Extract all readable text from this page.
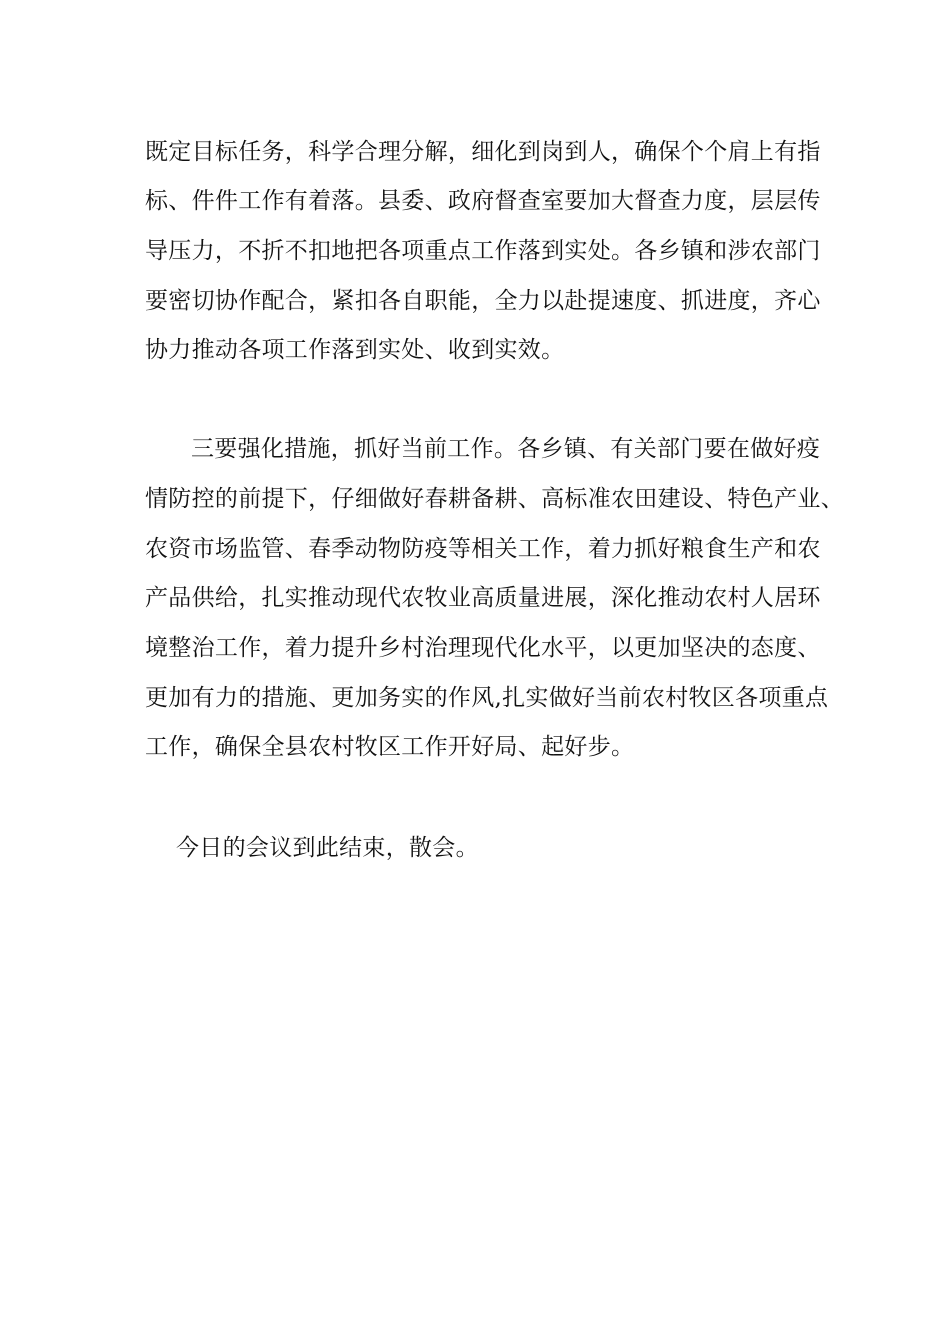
既定目标任务，科学合理分解，细化到岗到人，确保个个肩上有指
标、件件工作有着落。县委、政府督查室要加大督查力度，层层传
导压力，不折不扣地把各项重点工作落到实处。各乡镇和涉农部门
要密切协作配合，紧扣各自职能，全力以赴提速度、抓进度，齐心
协力推动各项工作落到实处、收到实效。
三要强化措施，抓好当前工作。各乡镇、有关部门要在做好疫
情防控的前提下，仔细做好春耕备耕、高标准农田建设、特色产业、
农资市场监管、春季动物防疫等相关工作，着力抓好粮食生产和农
产品供给，扎实推动现代农牧业高质量进展，深化推动农村人居环
境整治工作，着力提升乡村治理现代化水平，以更加坚决的态度、
更加有力的措施、更加务实的作风,扎实做好当前农村牧区各项重点
工作，确保全县农村牧区工作开好局、起好步。
今日的会议到此结束，散会。
